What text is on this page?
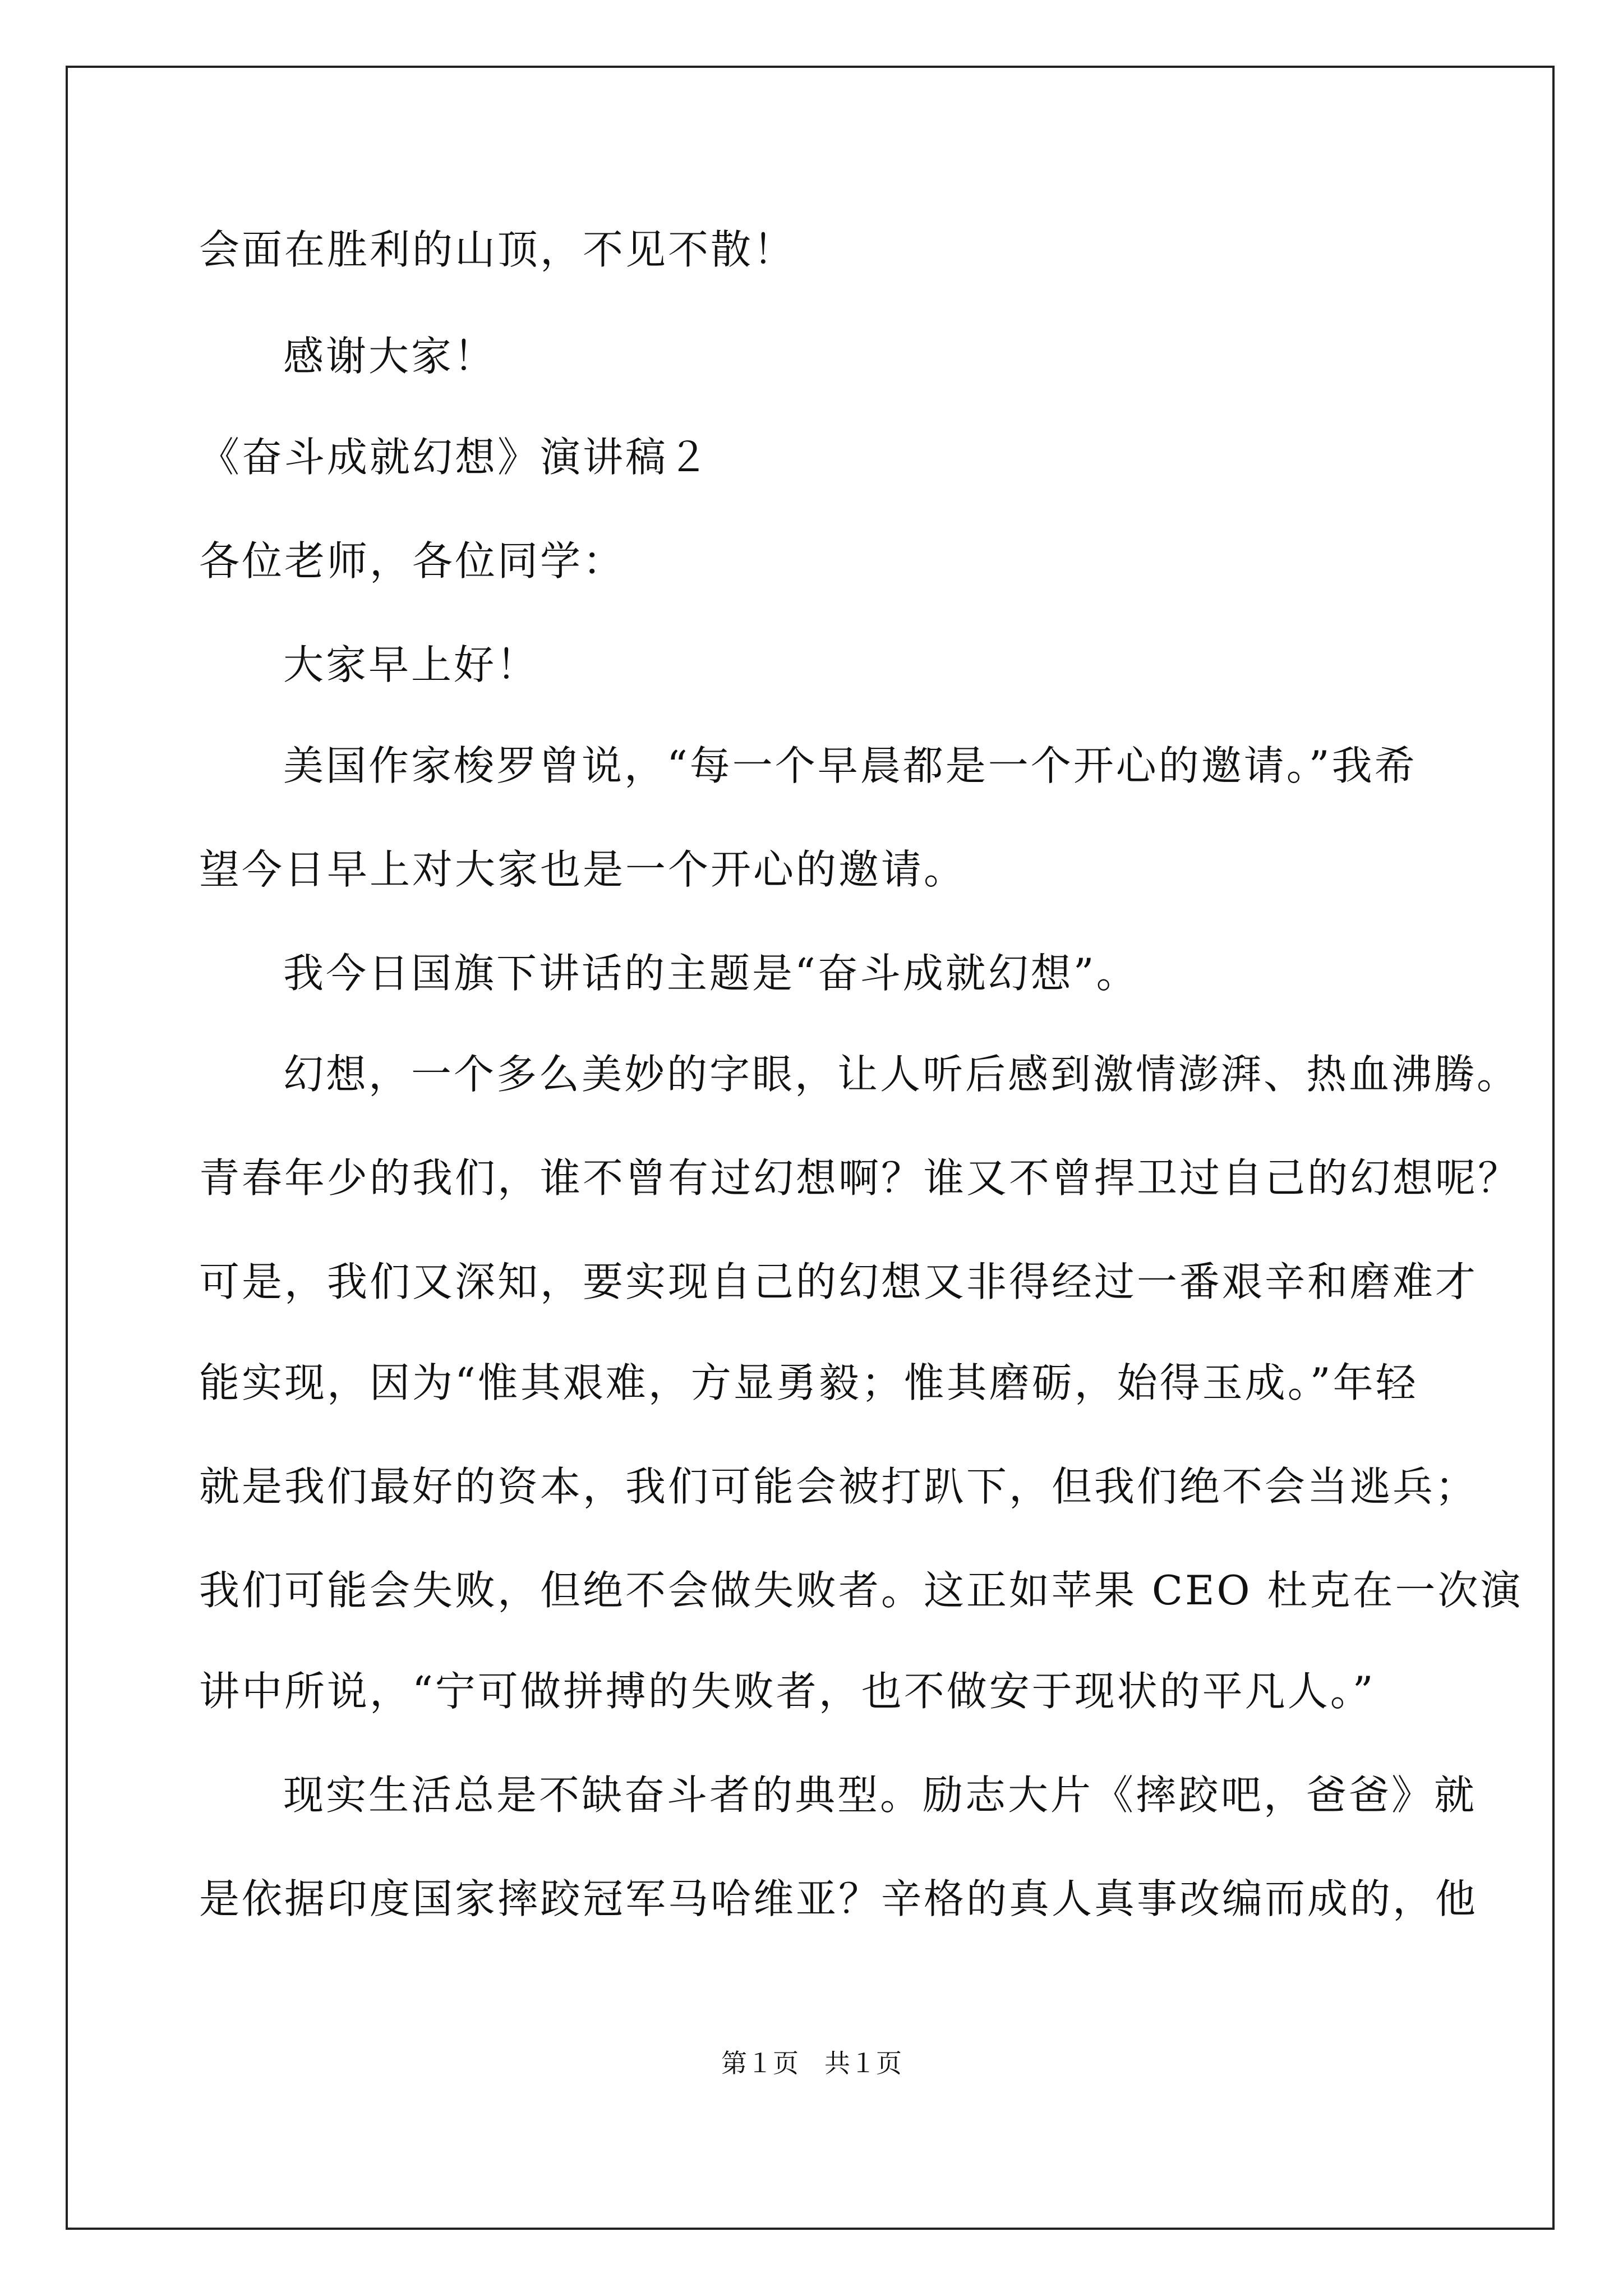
会面在胜利的山顶，不见不散！
感谢大家！
《奋斗成就幻想》演讲稿２
各位老师，各位同学：
大家早上好！
美国作家梭罗曾说，“每一个早晨都是一个开心的邀请。”我希
望今日早上对大家也是一个开心的邀请。
我今日国旗下讲话的主题是“奋斗成就幻想”。
幻想，一个多么美妙的字眼，让人听后感到激情澎湃、热血沸腾。
青春年少的我们，谁不曾有过幻想啊？谁又不曾捍卫过自己的幻想呢？
可是，我们又深知，要实现自己的幻想又非得经过一番艰辛和磨难才
能实现，因为“惟其艰难，方显勇毅；惟其磨砺，始得玉成。”年轻
就是我们最好的资本，我们可能会被打趴下，但我们绝不会当逃兵；
我们可能会失败，但绝不会做失败者。这正如苹果 CEO 杜克在一次演
讲中所说，“宁可做拼搏的失败者，也不做安于现状的平凡人。”
现实生活总是不缺奋斗者的典型。励志大片《摔跤吧，爸爸》就
是依据印度国家摔跤冠军马哈维亚？辛格的真人真事改编而成的，他
第１页　共１页
